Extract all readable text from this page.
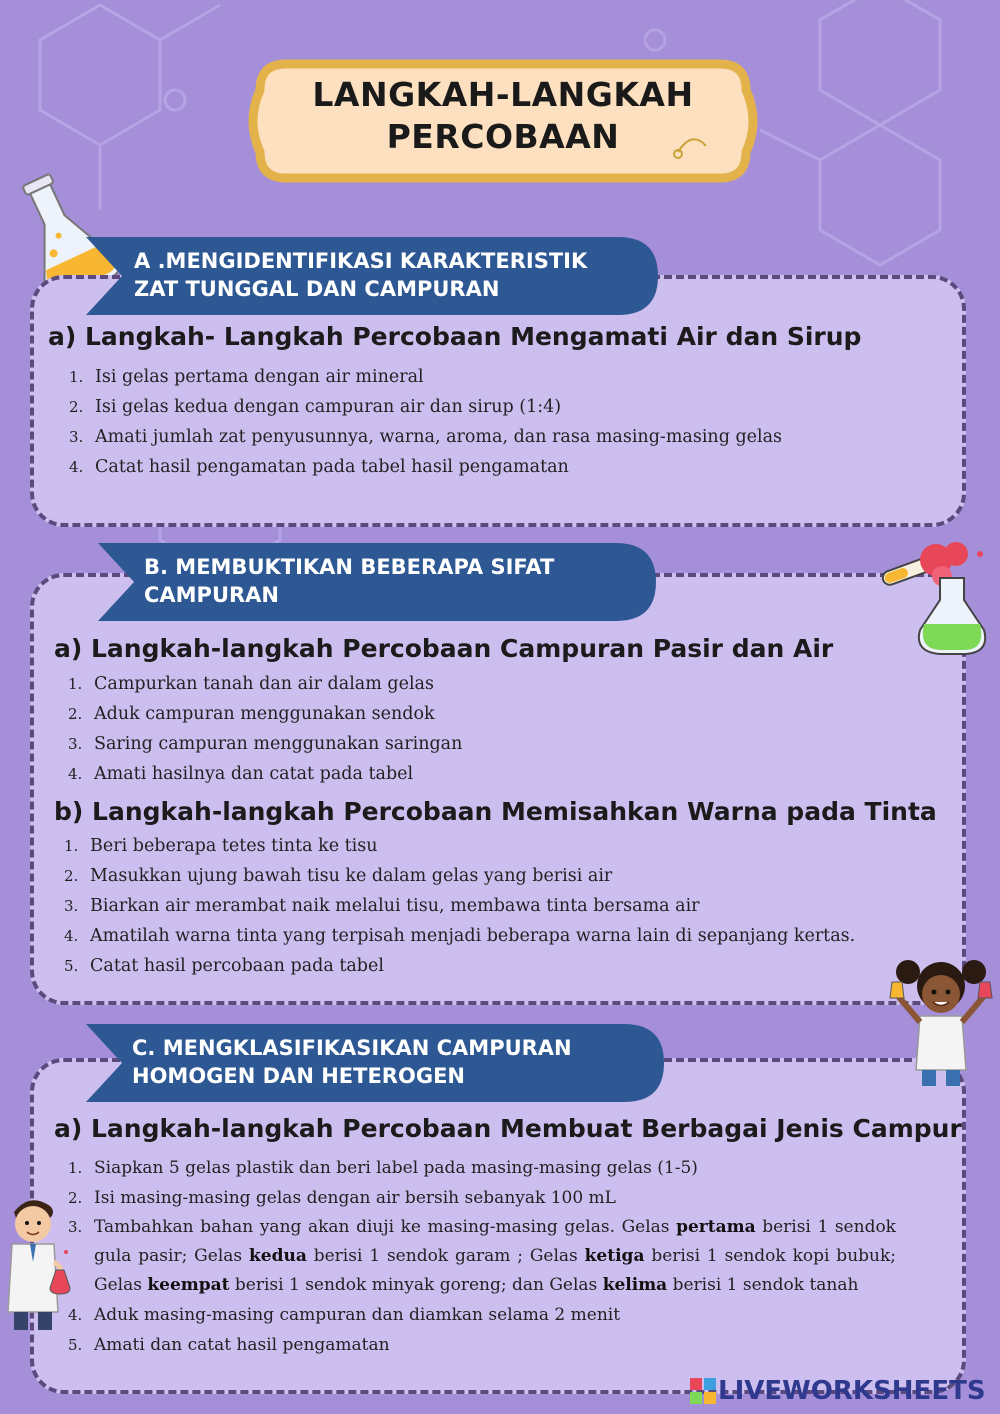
LANGKAH-LANGKAH
PERCOBAAN
A .MENGIDENTIFIKASI KARAKTERISTIK
ZAT TUNGGAL DAN CAMPURAN
a) Langkah- Langkah Percobaan Mengamati Air dan Sirup
1. Isi gelas pertama dengan air mineral
2. Isi gelas kedua dengan campuran air dan sirup (1:4)
3. Amati jumlah zat penyusunnya, warna, aroma, dan rasa masing-masing gelas
4. Catat hasil pengamatan pada tabel hasil pengamatan
B. MEMBUKTIKAN BEBERAPA SIFAT
CAMPURAN
a) Langkah-langkah Percobaan Campuran Pasir dan Air
1. Campurkan tanah dan air dalam gelas
2. Aduk campuran menggunakan sendok
3. Saring campuran menggunakan saringan
4. Amati hasilnya dan catat pada tabel
b) Langkah-langkah Percobaan Memisahkan Warna pada Tinta
1. Beri beberapa tetes tinta ke tisu
2. Masukkan ujung bawah tisu ke dalam gelas yang berisi air
3. Biarkan air merambat naik melalui tisu, membawa tinta bersama air
4. Amatilah warna tinta yang terpisah menjadi beberapa warna lain di sepanjang kertas.
5. Catat hasil percobaan pada tabel
C. MENGKLASIFIKASIKAN CAMPURAN
HOMOGEN DAN HETEROGEN
a) Langkah-langkah Percobaan Membuat Berbagai Jenis Campur
1. Siapkan 5 gelas plastik dan beri label pada masing-masing gelas (1-5)
2. Isi masing-masing gelas dengan air bersih sebanyak 100 mL
3. Tambahkan bahan yang akan diuji ke masing-masing gelas. Gelas pertama berisi 1 sendok gula pasir; Gelas kedua berisi 1 sendok garam ; Gelas ketiga berisi 1 sendok kopi bubuk; Gelas keempat berisi 1 sendok minyak goreng; dan Gelas kelima berisi 1 sendok tanah
4. Aduk masing-masing campuran dan diamkan selama 2 menit
5. Amati dan catat hasil pengamatan
LIVEWORKSHEETS
